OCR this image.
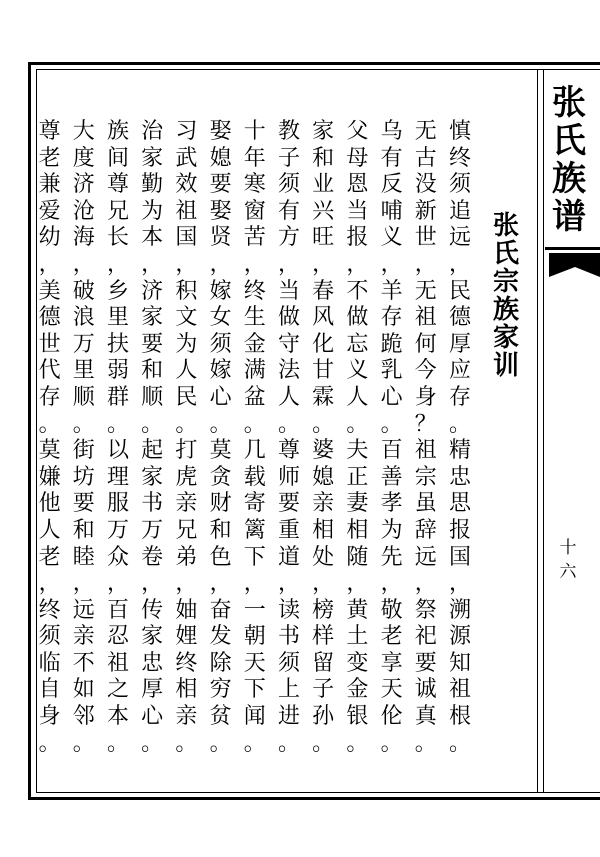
张
氏
族
谱
十
六
张
氏
宗
族
家
训
慎
终
须
追
远
，
民
德
厚
应
存
。
精
忠
思
报
国
，
溯
源
知
祖
根
。
无
古
没
新
世
，
无
祖
何
今
身
？
祖
宗
虽
辞
远
，
祭
祀
要
诚
真
。
乌
有
反
哺
义
，
羊
存
跪
乳
心
。
百
善
孝
为
先
，
敬
老
享
天
伦
。
父
母
恩
当
报
，
不
做
忘
义
人
。
夫
正
妻
相
随
，
黄
土
变
金
银
。
家
和
业
兴
旺
，
春
风
化
甘
霖
。
婆
媳
亲
相
处
，
榜
样
留
子
孙
。
教
子
须
有
方
，
当
做
守
法
人
。
尊
师
要
重
道
，
读
书
须
上
进
。
十
年
寒
窗
苦
，
终
生
金
满
盆
。
几
载
寄
篱
下
，
一
朝
天
下
闻
。
娶
媳
要
娶
贤
，
嫁
女
须
嫁
心
。
莫
贪
财
和
色
，
奋
发
除
穷
贫
。
习
武
效
祖
国
，
积
文
为
人
民
。
打
虎
亲
兄
弟
，
妯
娌
终
相
亲
。
治
家
勤
为
本
，
济
家
要
和
顺
。
起
家
书
万
卷
，
传
家
忠
厚
心
。
族
间
尊
兄
长
，
乡
里
扶
弱
群
。
以
理
服
万
众
，
百
忍
祖
之
本
。
大
度
济
沧
海
，
破
浪
万
里
顺
。
街
坊
要
和
睦
，
远
亲
不
如
邻
。
尊
老
兼
爱
幼
，
美
德
世
代
存
。
莫
嫌
他
人
老
，
终
须
临
自
身
。
